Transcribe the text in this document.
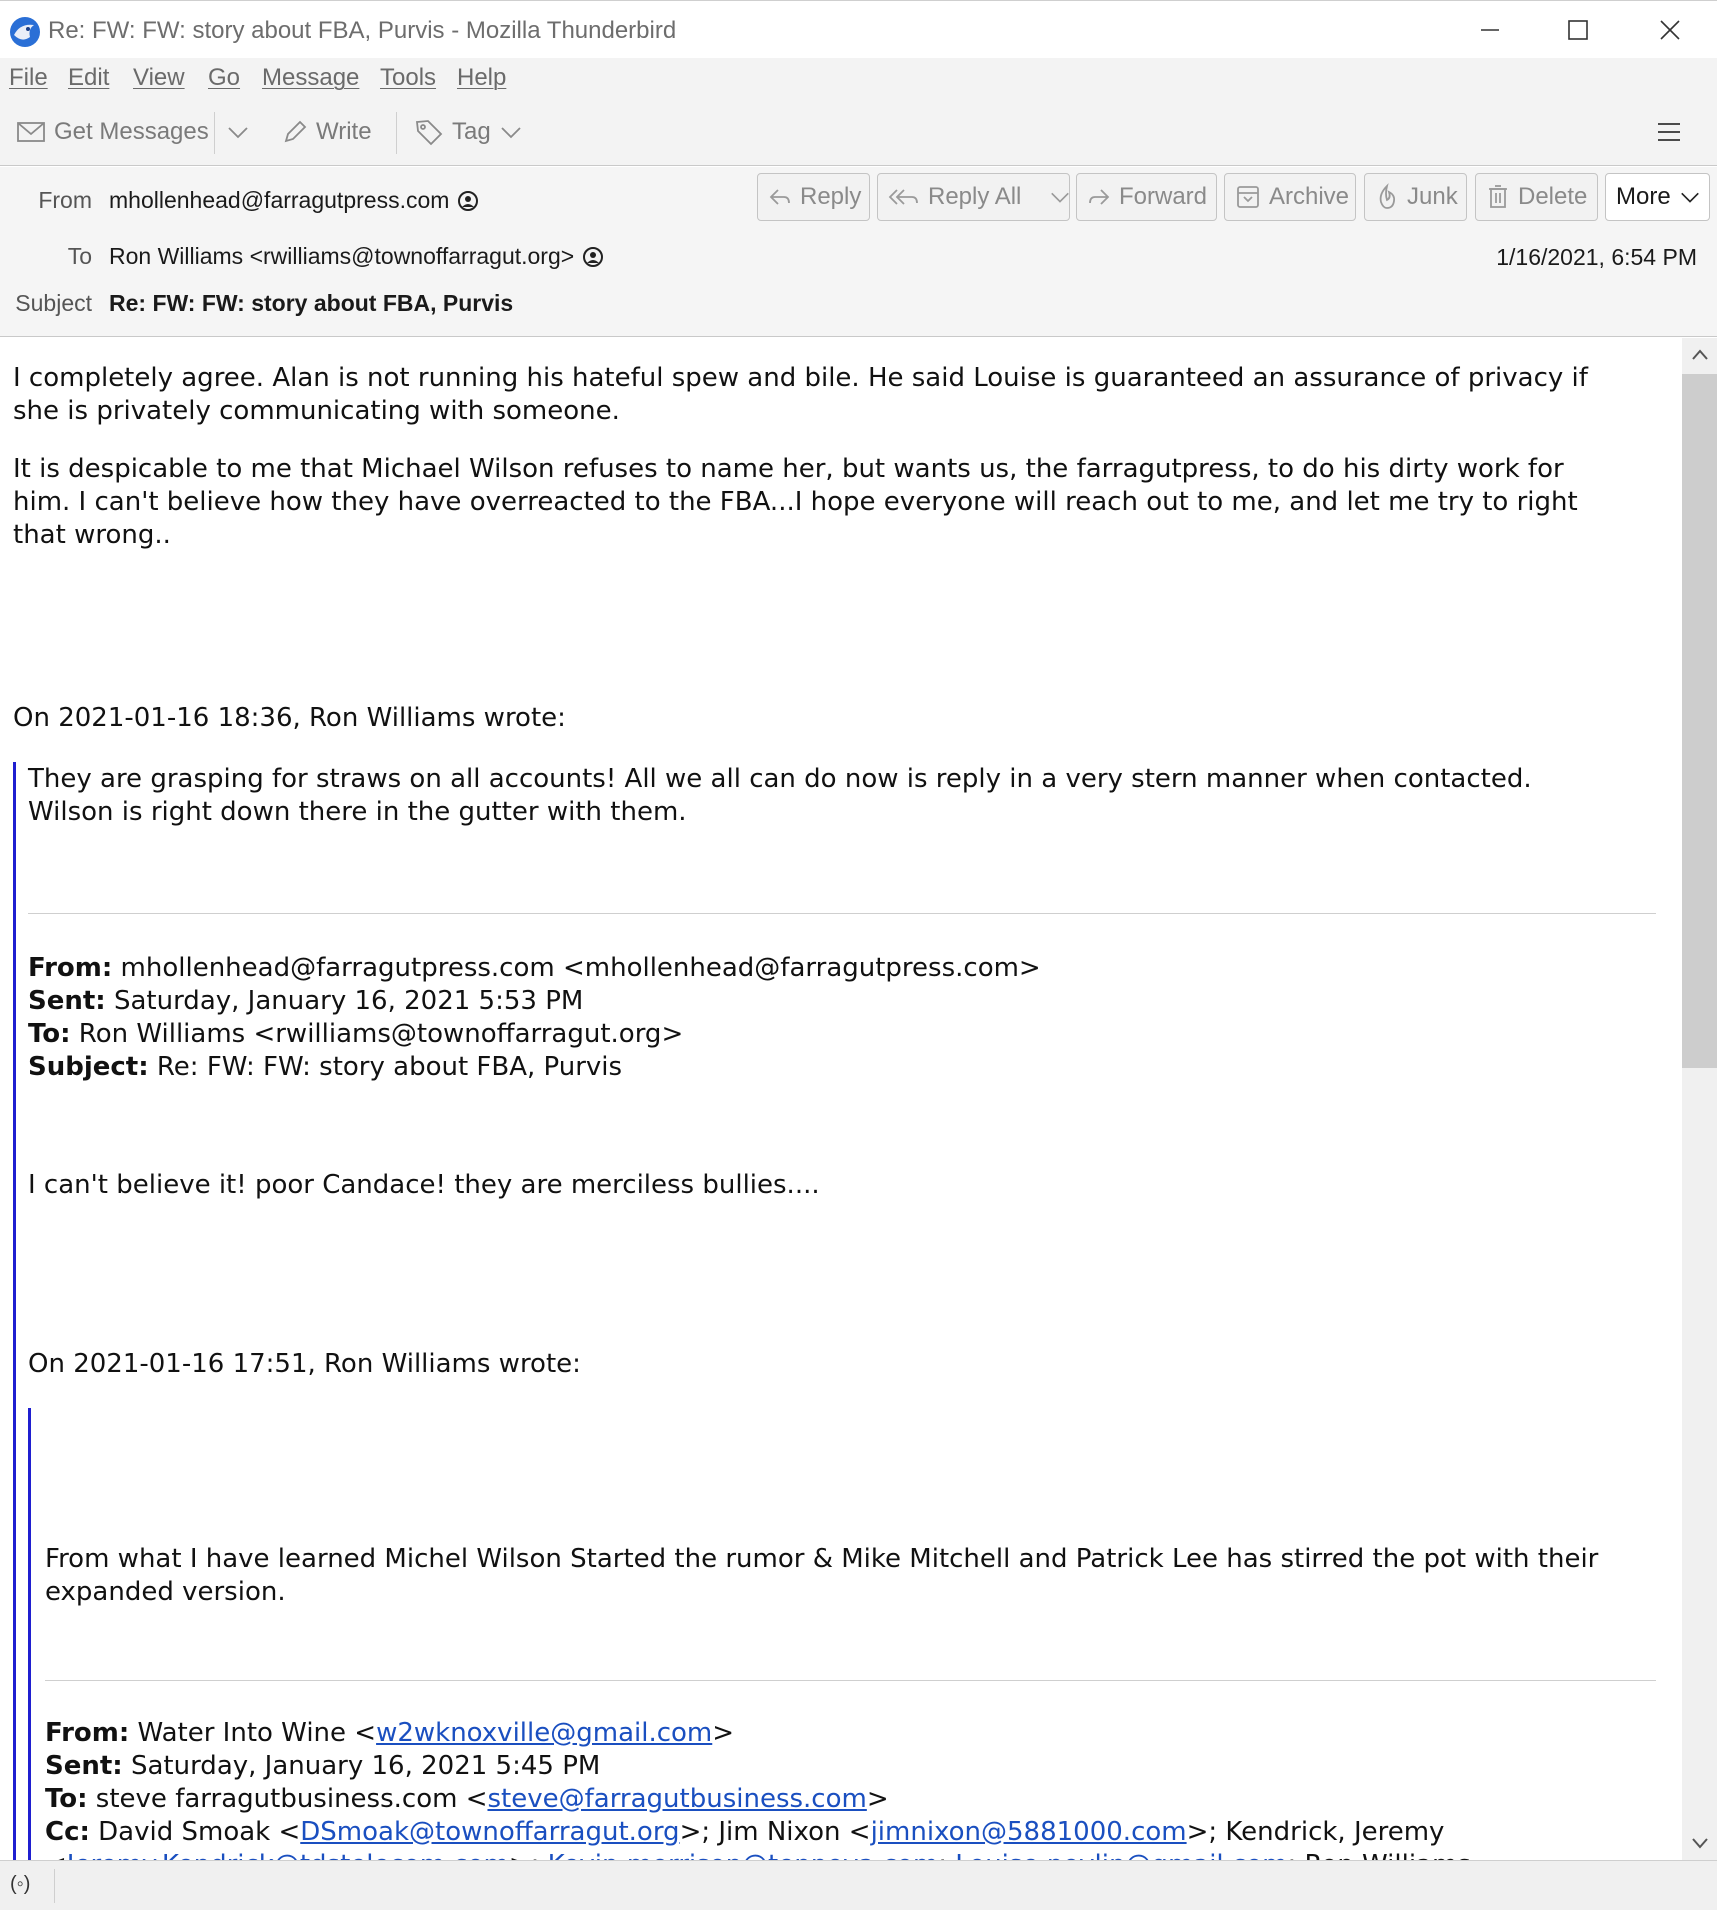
Re: FW: FW: story about FBA, Purvis - Mozilla Thunderbird
File Edit View Go Message Tools Help
Get Messages	Write	Tag
From mhollenhead@farragutpress.com
To Ron Williams <rwilliams@townoffarragut.org>
Subject Re: FW: FW: story about FBA, Purvis
1/16/2021, 6:54 PM
Reply	Reply All	Forward	Archive Junk	Delete More
I completely agree. Alan is not running his hateful spew and bile. He said Louise is guaranteed an assurance of privacy if
she is privately communicating with someone.
It is despicable to me that Michael Wilson refuses to name her, but wants us, the farragutpress, to do his dirty work for
him. I can't believe how they have overreacted to the FBA...I hope everyone will reach out to me, and let me try to right
that wrong..
On 2021-01-16 18:36, Ron Williams wrote:
They are grasping for straws on all accounts! All we all can do now is reply in a very stern manner when contacted.
Wilson is right down there in the gutter with them.
From: mhollenhead@farragutpress.com <mhollenhead@farragutpress.com>
Sent: Saturday, January 16, 2021 5:53 PM
To: Ron Williams <rwilliams@townoffarragut.org>
Subject: Re: FW: FW: story about FBA, Purvis
I can't believe it! poor Candace! they are merciless bullies....
On 2021-01-16 17:51, Ron Williams wrote:
From what I have learned Michel Wilson Started the rumor & Mike Mitchell and Patrick Lee has stirred the pot with their
expanded version.
From: Water Into Wine <w2wknoxville@gmail.com>
Sent: Saturday, January 16, 2021 5:45 PM
To: steve farragutbusiness.com <steve@farragutbusiness.com>
Cc: David Smoak <DSmoak@townoffarragut.org>; Jim Nixon <jimnixon@5881000.com>; Kendrick, Jeremy
(◦)
